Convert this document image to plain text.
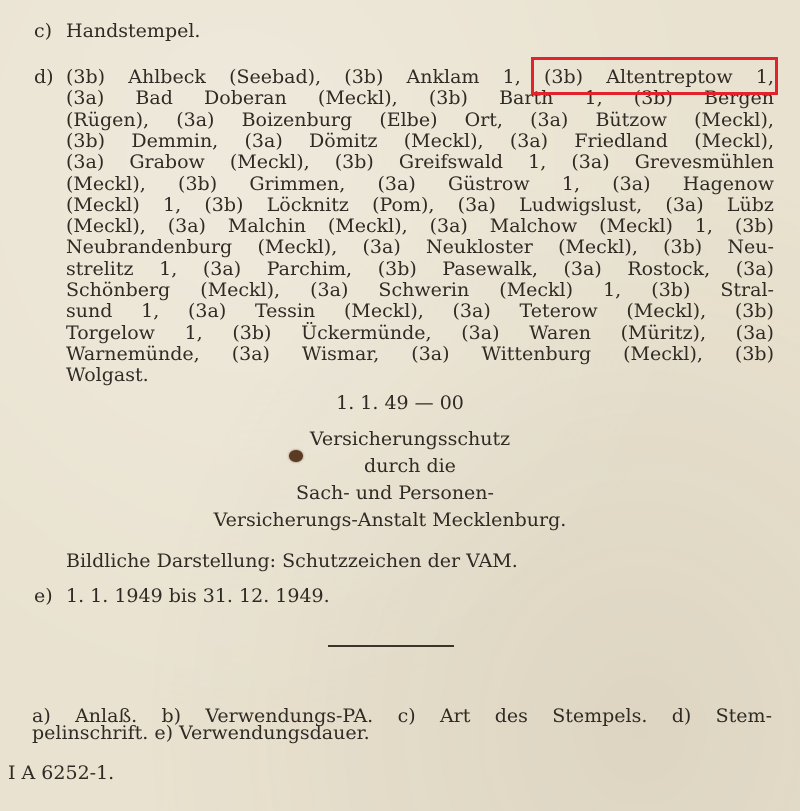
c) Handstempel.
d) (3b) Ahlbeck (Seebad), (3b) Anklam 1, (3b) Altentreptow 1,
(3a) Bad Doberan (Meckl), (3b) Barth 1, (3b) Bergen
(Rügen), (3a) Boizenburg (Elbe) Ort, (3a) Bützow (Meckl),
(3b) Demmin, (3a) Dömitz (Meckl), (3a) Friedland (Meckl),
(3a) Grabow (Meckl), (3b) Greifswald 1, (3a) Grevesmühlen
(Meckl), (3b) Grimmen, (3a) Güstrow 1, (3a) Hagenow
(Meckl) 1, (3b) Löcknitz (Pom), (3a) Ludwigslust, (3a) Lübz
(Meckl), (3a) Malchin (Meckl), (3a) Malchow (Meckl) 1, (3b)
Neubrandenburg (Meckl), (3a) Neukloster (Meckl), (3b) Neu-
strelitz 1, (3a) Parchim, (3b) Pasewalk, (3a) Rostock, (3a)
Schönberg (Meckl), (3a) Schwerin (Meckl) 1, (3b) Stral-
sund 1, (3a) Tessin (Meckl), (3a) Teterow (Meckl), (3b)
Torgelow 1, (3b) Ückermünde, (3a) Waren (Müritz), (3a)
Warnemünde, (3a) Wismar, (3a) Wittenburg (Meckl), (3b)
Wolgast.
1. 1. 49 — 00
Versicherungsschutz
durch die
Sach- und Personen-
Versicherungs-Anstalt Mecklenburg.
Bildliche Darstellung: Schutzzeichen der VAM.
e) 1. 1. 1949 bis 31. 12. 1949.
a) Anlaß. b) Verwendungs-PA. c) Art des Stempels. d) Stem-
pelinschrift. e) Verwendungsdauer.
I A 6252-1.
